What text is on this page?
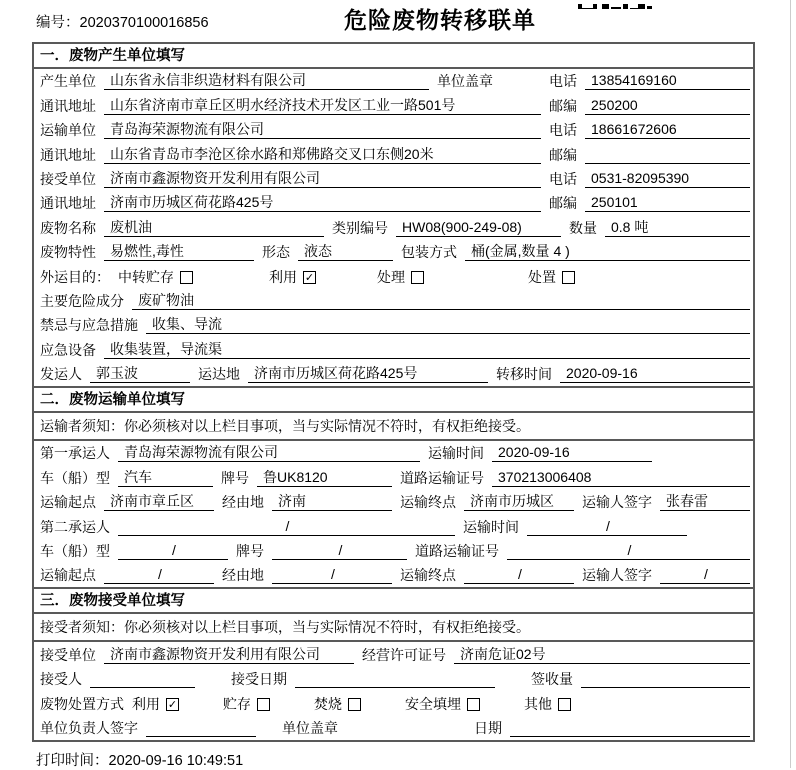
编号：2020370100016856	危险废物转移联单
一．废物产生单位填写
产生单位	山东省永信非织造材料有限公司	单位盖章	电话	13854169160
通讯地址	山东省济南市章丘区明水经济技术开发区工业一路501号	邮编	250200
运输单位	青岛海荣源物流有限公司	电话	18661672606
通讯地址	山东省青岛市李沧区徐水路和郑佛路交叉口东侧20米	邮编
接受单位	济南市鑫源物资开发利用有限公司	电话	0531-82095390
通讯地址	济南市历城区荷花路425号	邮编	250101
废物名称	废机油	类别编号	HW08(900-249-08)	数量	0.8 吨
废物特性	易燃性,毒性	形态	液态	包装方式	桶(金属,数量 4 )
外运目的： 中转贮存	利用 ✓	处理	处置
主要危险成分	废矿物油
禁忌与应急措施	收集、导流
应急设备	收集装置，导流渠
发运人	郭玉波	运达地	济南市历城区荷花路425号	转移时间	2020-09-16
二．废物运输单位填写
运输者须知：你必须核对以上栏目事项，当与实际情况不符时，有权拒绝接受。
第一承运人	青岛海荣源物流有限公司	运输时间	2020-09-16
车（船）型	汽车	牌号	鲁UK8120	道路运输证号	370213006408
运输起点	济南市章丘区	经由地	济南	运输终点	济南市历城区	运输人签字	张春雷
第二承运人	/	运输时间	/
车（船）型	/	牌号	/	道路运输证号	/
运输起点	/	经由地	/	运输终点	/	运输人签字	/
三．废物接受单位填写
接受者须知：你必须核对以上栏目事项，当与实际情况不符时，有权拒绝接受。
接受单位	济南市鑫源物资开发利用有限公司	经营许可证号	济南危证02号
接受人	接受日期	签收量
废物处置方式 利用 ✓	贮存	焚烧	安全填埋	其他
单位负责人签字	单位盖章	日期
打印时间：2020-09-16 10:49:51
